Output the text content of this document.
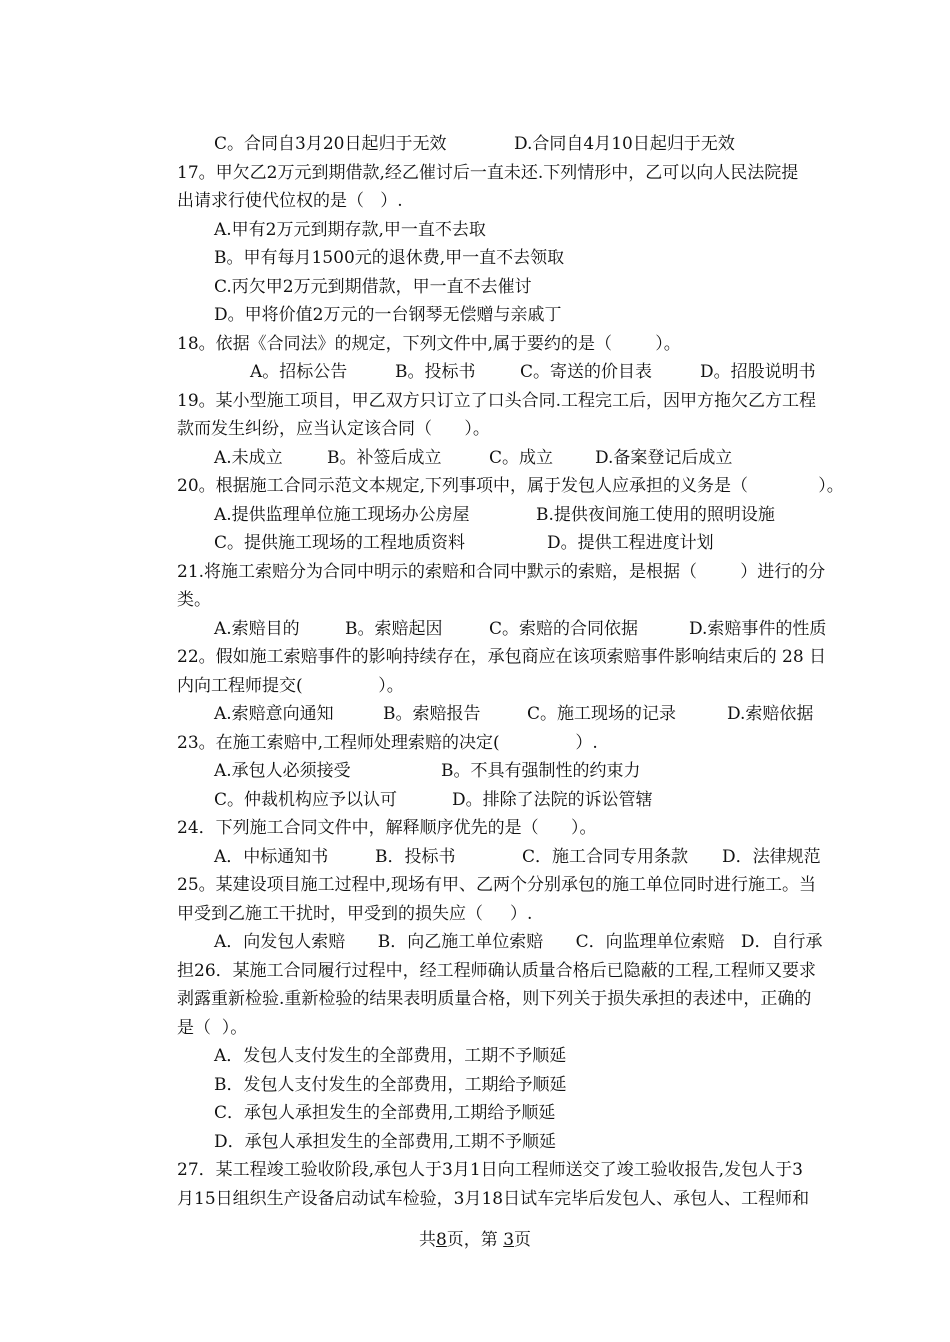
C。合同自3月20日起归于无效	D.合同自4月10日起归于无效
17。甲欠乙2万元到期借款,经乙催讨后一直未还.下列情形中，乙可以向人民法院提
出请求行使代位权的是（   ）.
A.甲有2万元到期存款,甲一直不去取
B。甲有每月1500元的退休费,甲一直不去领取
C.丙欠甲2万元到期借款，甲一直不去催讨
D。甲将价值2万元的一台钢琴无偿赠与亲戚丁
18。依据《合同法》的规定，下列文件中,属于要约的是（        ）。
A。招标公告	B。投标书	C。寄送的价目表	D。招股说明书
19。某小型施工项目，甲乙双方只订立了口头合同.工程完工后，因甲方拖欠乙方工程
款而发生纠纷，应当认定该合同（      ）。
A.未成立	B。补签后成立	C。成立	D.备案登记后成立
20。根据施工合同示范文本规定,下列事项中，属于发包人应承担的义务是（             ）。
A.提供监理单位施工现场办公房屋	B.提供夜间施工使用的照明设施
C。提供施工现场的工程地质资料	D。提供工程进度计划
21.将施工索赔分为合同中明示的索赔和合同中默示的索赔，是根据（        ）进行的分
类。
A.索赔目的	B。索赔起因	C。索赔的合同依据	D.索赔事件的性质
22。假如施工索赔事件的影响持续存在，承包商应在该项索赔事件影响结束后的 28 日
内向工程师提交(              ）。
A.索赔意向通知	B。索赔报告	C。施工现场的记录	D.索赔依据
23。在施工索赔中,工程师处理索赔的决定(              ）.
A.承包人必须接受	B。不具有强制性的约束力
C。仲裁机构应予以认可	D。排除了法院的诉讼管辖
24．下列施工合同文件中，解释顺序优先的是（      ）。
A．中标通知书	B．投标书	C．施工合同专用条款	D．法律规范
25。某建设项目施工过程中,现场有甲、乙两个分别承包的施工单位同时进行施工。当
甲受到乙施工干扰时，甲受到的损失应（     ）.
A．向发包人索赔      B．向乙施工单位索赔      C．向监理单位索赔   D．自行承
担26．某施工合同履行过程中，经工程师确认质量合格后已隐蔽的工程,工程师又要求
剥露重新检验.重新检验的结果表明质量合格，则下列关于损失承担的表述中，正确的
是（  ）。
A．发包人支付发生的全部费用，工期不予顺延
B．发包人支付发生的全部费用，工期给予顺延
C．承包人承担发生的全部费用,工期给予顺延
D．承包人承担发生的全部费用,工期不予顺延
27．某工程竣工验收阶段,承包人于3月1日向工程师送交了竣工验收报告,发包人于3
月15日组织生产设备启动试车检验，3月18日试车完毕后发包人、承包人、工程师和
共8页，第 3页
